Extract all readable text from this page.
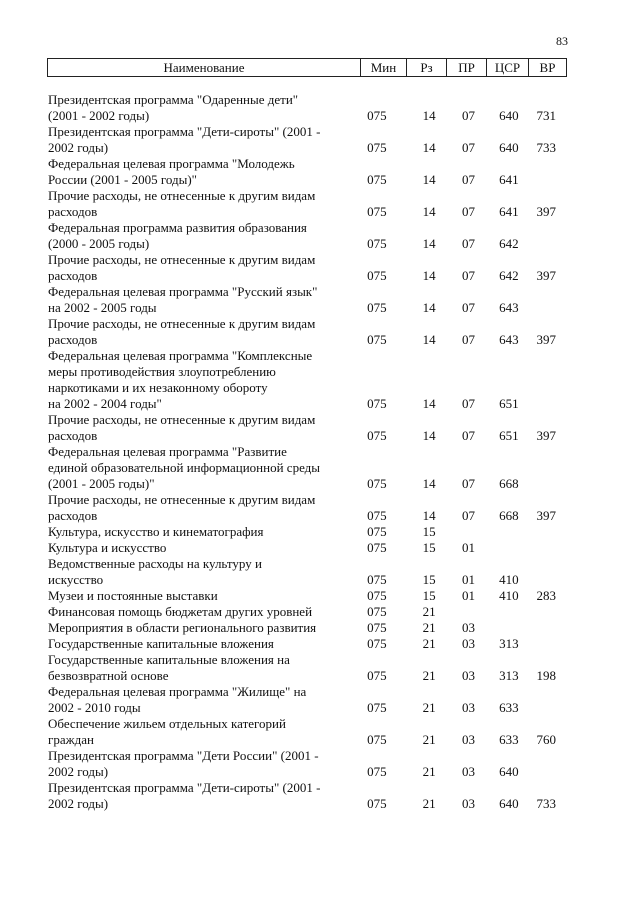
83
Наименование	Мин	Рз	ПР	ЦСР	ВР
Президентская программа "Одаренные дети"
(2001 - 2002 годы)	075	14	07	640	731
Президентская программа "Дети-сироты" (2001 -
2002 годы)	075	14	07	640	733
Федеральная целевая программа "Молодежь
России (2001 - 2005 годы)"	075	14	07	641
Прочие расходы, не отнесенные к другим видам
расходов	075	14	07	641	397
Федеральная программа развития образования
(2000 - 2005 годы)	075	14	07	642
Прочие расходы, не отнесенные к другим видам
расходов	075	14	07	642	397
Федеральная целевая программа "Русский язык"
на 2002 - 2005 годы	075	14	07	643
Прочие расходы, не отнесенные к другим видам
расходов	075	14	07	643	397
Федеральная целевая программа "Комплексные
меры противодействия злоупотреблению
наркотиками и их незаконному обороту
на 2002 - 2004 годы"	075	14	07	651
Прочие расходы, не отнесенные к другим видам
расходов	075	14	07	651	397
Федеральная целевая программа "Развитие
единой образовательной информационной среды
(2001 - 2005 годы)"	075	14	07	668
Прочие расходы, не отнесенные к другим видам
расходов	075	14	07	668	397
Культура, искусство и кинематография	075	15
Культура и искусство	075	15	01
Ведомственные расходы на культуру и
искусство	075	15	01	410
Музеи и постоянные выставки	075	15	01	410	283
Финансовая помощь бюджетам других уровней	075	21
Мероприятия в области регионального развития	075	21	03
Государственные капитальные вложения	075	21	03	313
Государственные капитальные вложения на
безвозвратной основе	075	21	03	313	198
Федеральная целевая программа "Жилище" на
2002 - 2010 годы	075	21	03	633
Обеспечение жильем отдельных категорий
граждан	075	21	03	633	760
Президентская программа "Дети России" (2001 -
2002 годы)	075	21	03	640
Президентская программа "Дети-сироты" (2001 -
2002 годы)	075	21	03	640	733
